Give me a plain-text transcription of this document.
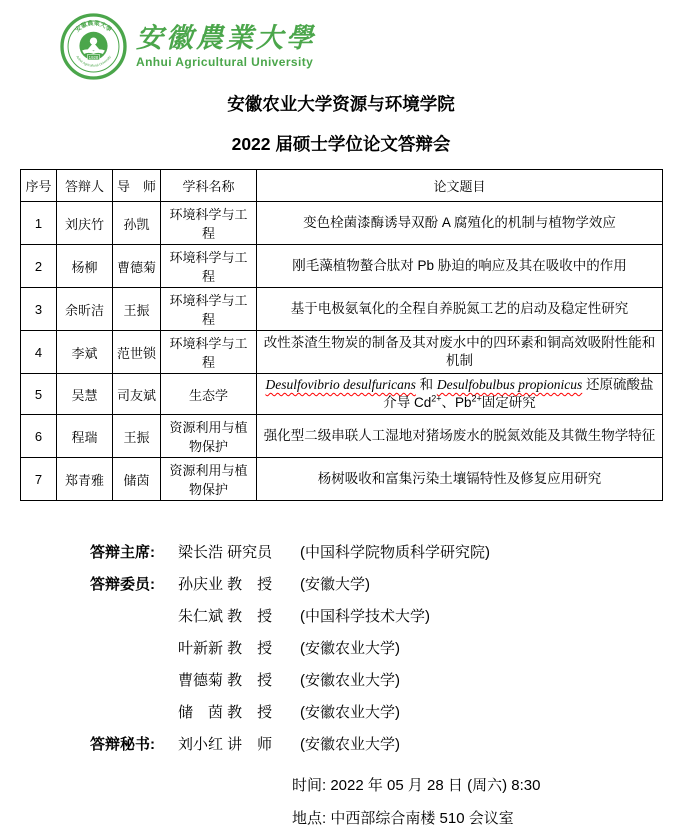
安徽農業大學
Anhui Agricultural University
1928
安徽農業大學
Anhui Agricultural University
安徽农业大学资源与环境学院
2022 届硕士学位论文答辩会
序号	答辩人	导　师	学科名称	论文题目
1	刘庆竹	孙凯	环境科学与工程	变色栓菌漆酶诱导双酚 A 腐殖化的机制与植物学效应
2	杨柳	曹德菊	环境科学与工程	刚毛藻植物螯合肽对 Pb 胁迫的响应及其在吸收中的作用
3	余昕洁	王振	环境科学与工程	基于电极氨氧化的全程自养脱氮工艺的启动及稳定性研究
4	李斌	范世锁	环境科学与工程	改性茶渣生物炭的制备及其对废水中的四环素和铜高效吸附性能和机制
5	吴慧	司友斌	生态学	Desulfovibrio desulfuricans 和 Desulfobulbus propionicus 还原硫酸盐介导 $Cd^{2+}$、$Pb^{2+}$固定研究
6	程瑞	王振	资源利用与植物保护	强化型二级串联人工湿地对猪场废水的脱氮效能及其微生物学特征
7	郑青雅	储茵	资源利用与植物保护	杨树吸收和富集污染土壤镉特性及修复应用研究
答辩主席:	梁长浩 研究员	(中国科学院物质科学研究院)
答辩委员:	孙庆业 教　授	(安徽大学)
朱仁斌 教　授	(中国科学技术大学)
叶新新 教　授	(安徽农业大学)
曹德菊 教　授	(安徽农业大学)
储　茵 教　授	(安徽农业大学)
答辩秘书:	刘小红 讲　师	(安徽农业大学)
时间: 2022 年 05 月 28 日 (周六) 8:30
地点: 中西部综合南楼 510 会议室
